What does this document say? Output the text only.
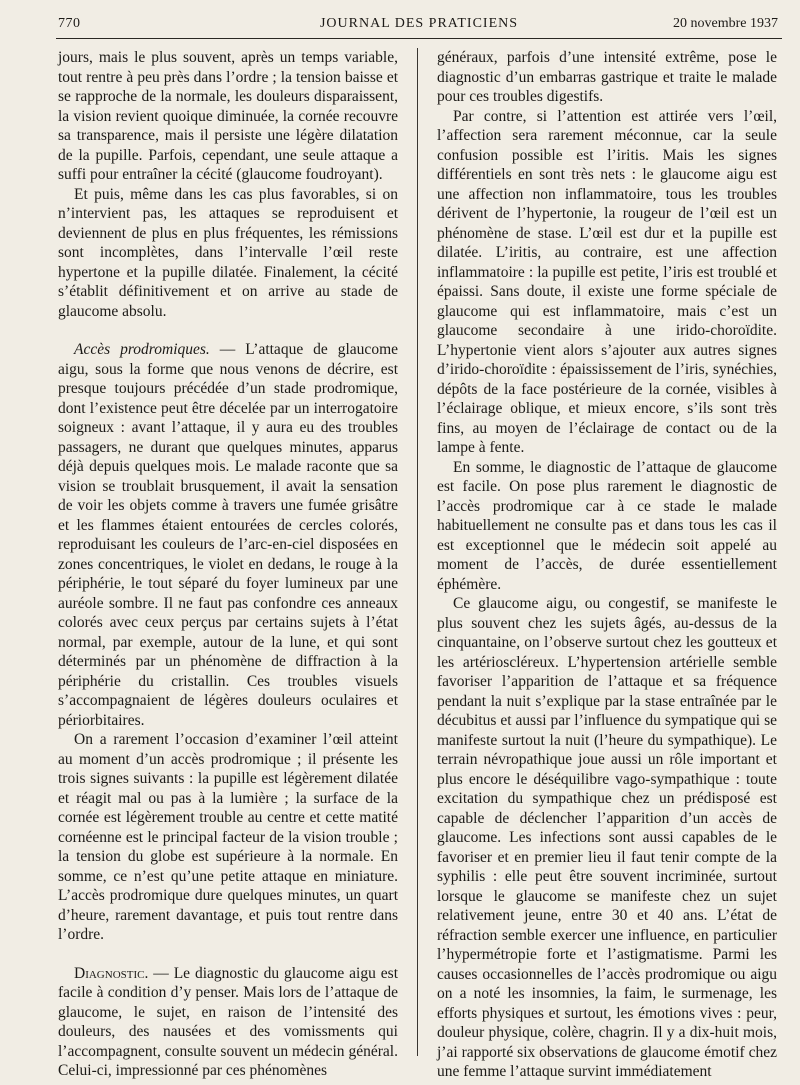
770	JOURNAL DES PRATICIENS	20 novembre 1937

jours, mais le plus souvent, après un temps variable, tout rentre à peu près dans l’ordre ; la tension baisse et se rapproche de la normale, les douleurs disparaissent, la vision revient quoique diminuée, la cornée recouvre sa transparence, mais il persiste une légère dilatation de la pupille. Parfois, cependant, une seule attaque a suffi pour entraîner la cécité (glaucome foudroyant).

Et puis, même dans les cas plus favorables, si on n’intervient pas, les attaques se reproduisent et deviennent de plus en plus fréquentes, les rémissions sont incomplètes, dans l’intervalle l’œil reste hypertone et la pupille dilatée. Finalement, la cécité s’établit définitivement et on arrive au stade de glaucome absolu.

Accès prodromiques. — L’attaque de glaucome aigu, sous la forme que nous venons de décrire, est presque toujours précédée d’un stade prodromique, dont l’existence peut être décelée par un interrogatoire soigneux : avant l’attaque, il y aura eu des troubles passagers, ne durant que quelques minutes, apparus déjà depuis quelques mois. Le malade raconte que sa vision se troublait brusquement, il avait la sensation de voir les objets comme à travers une fumée grisâtre et les flammes étaient entourées de cercles colorés, reproduisant les couleurs de l’arc-en-ciel disposées en zones concentriques, le violet en dedans, le rouge à la périphérie, le tout séparé du foyer lumineux par une auréole sombre. Il ne faut pas confondre ces anneaux colorés avec ceux perçus par certains sujets à l’état normal, par exemple, autour de la lune, et qui sont déterminés par un phénomène de diffraction à la périphérie du cristallin. Ces troubles visuels s’accompagnaient de légères douleurs oculaires et périorbitaires.

On a rarement l’occasion d’examiner l’œil atteint au moment d’un accès prodromique ; il présente les trois signes suivants : la pupille est légèrement dilatée et réagit mal ou pas à la lumière ; la surface de la cornée est légèrement trouble au centre et cette matité cornéenne est le principal facteur de la vision trouble ; la tension du globe est supérieure à la normale. En somme, ce n’est qu’une petite attaque en miniature. L’accès prodromique dure quelques minutes, un quart d’heure, rarement davantage, et puis tout rentre dans l’ordre.

Diagnostic. — Le diagnostic du glaucome aigu est facile à condition d’y penser. Mais lors de l’attaque de glaucome, le sujet, en raison de l’intensité des douleurs, des nausées et des vomissments qui l’accompagnent, consulte souvent un médecin général. Celui-ci, impressionné par ces phénomènes

généraux, parfois d’une intensité extrême, pose le diagnostic d’un embarras gastrique et traite le malade pour ces troubles digestifs.

Par contre, si l’attention est attirée vers l’œil, l’affection sera rarement méconnue, car la seule confusion possible est l’iritis. Mais les signes différentiels en sont très nets : le glaucome aigu est une affection non inflammatoire, tous les troubles dérivent de l’hypertonie, la rougeur de l’œil est un phénomène de stase. L’œil est dur et la pupille est dilatée. L’iritis, au contraire, est une affection inflammatoire : la pupille est petite, l’iris est troublé et épaissi. Sans doute, il existe une forme spéciale de glaucome qui est inflammatoire, mais c’est un glaucome secondaire à une irido-choroïdite. L’hypertonie vient alors s’ajouter aux autres signes d’irido-choroïdite : épaississement de l’iris, synéchies, dépôts de la face postérieure de la cornée, visibles à l’éclairage oblique, et mieux encore, s’ils sont très fins, au moyen de l’éclairage de contact ou de la lampe à fente.

En somme, le diagnostic de l’attaque de glaucome est facile. On pose plus rarement le diagnostic de l’accès prodromique car à ce stade le malade habituellement ne consulte pas et dans tous les cas il est exceptionnel que le médecin soit appelé au moment de l’accès, de durée essentiellement éphémère.

Ce glaucome aigu, ou congestif, se manifeste le plus souvent chez les sujets âgés, au-dessus de la cinquantaine, on l’observe surtout chez les goutteux et les artérioscléreux. L’hypertension artérielle semble favoriser l’apparition de l’attaque et sa fréquence pendant la nuit s’explique par la stase entraînée par le décubitus et aussi par l’influence du sympatique qui se manifeste surtout la nuit (l’heure du sympathique). Le terrain névropathique joue aussi un rôle important et plus encore le déséquilibre vago-sympathique : toute excitation du sympathique chez un prédisposé est capable de déclencher l’apparition d’un accès de glaucome. Les infections sont aussi capables de le favoriser et en premier lieu il faut tenir compte de la syphilis : elle peut être souvent incriminée, surtout lorsque le glaucome se manifeste chez un sujet relativement jeune, entre 30 et 40 ans. L’état de réfraction semble exercer une influence, en particulier l’hypermétropie forte et l’astigmatisme. Parmi les causes occasionnelles de l’accès prodromique ou aigu on a noté les insomnies, la faim, le surmenage, les efforts physiques et surtout, les émotions vives : peur, douleur physique, colère, chagrin. Il y a dix-huit mois, j’ai rapporté six observations de glaucome émotif chez une femme l’attaque survint immédiatement
